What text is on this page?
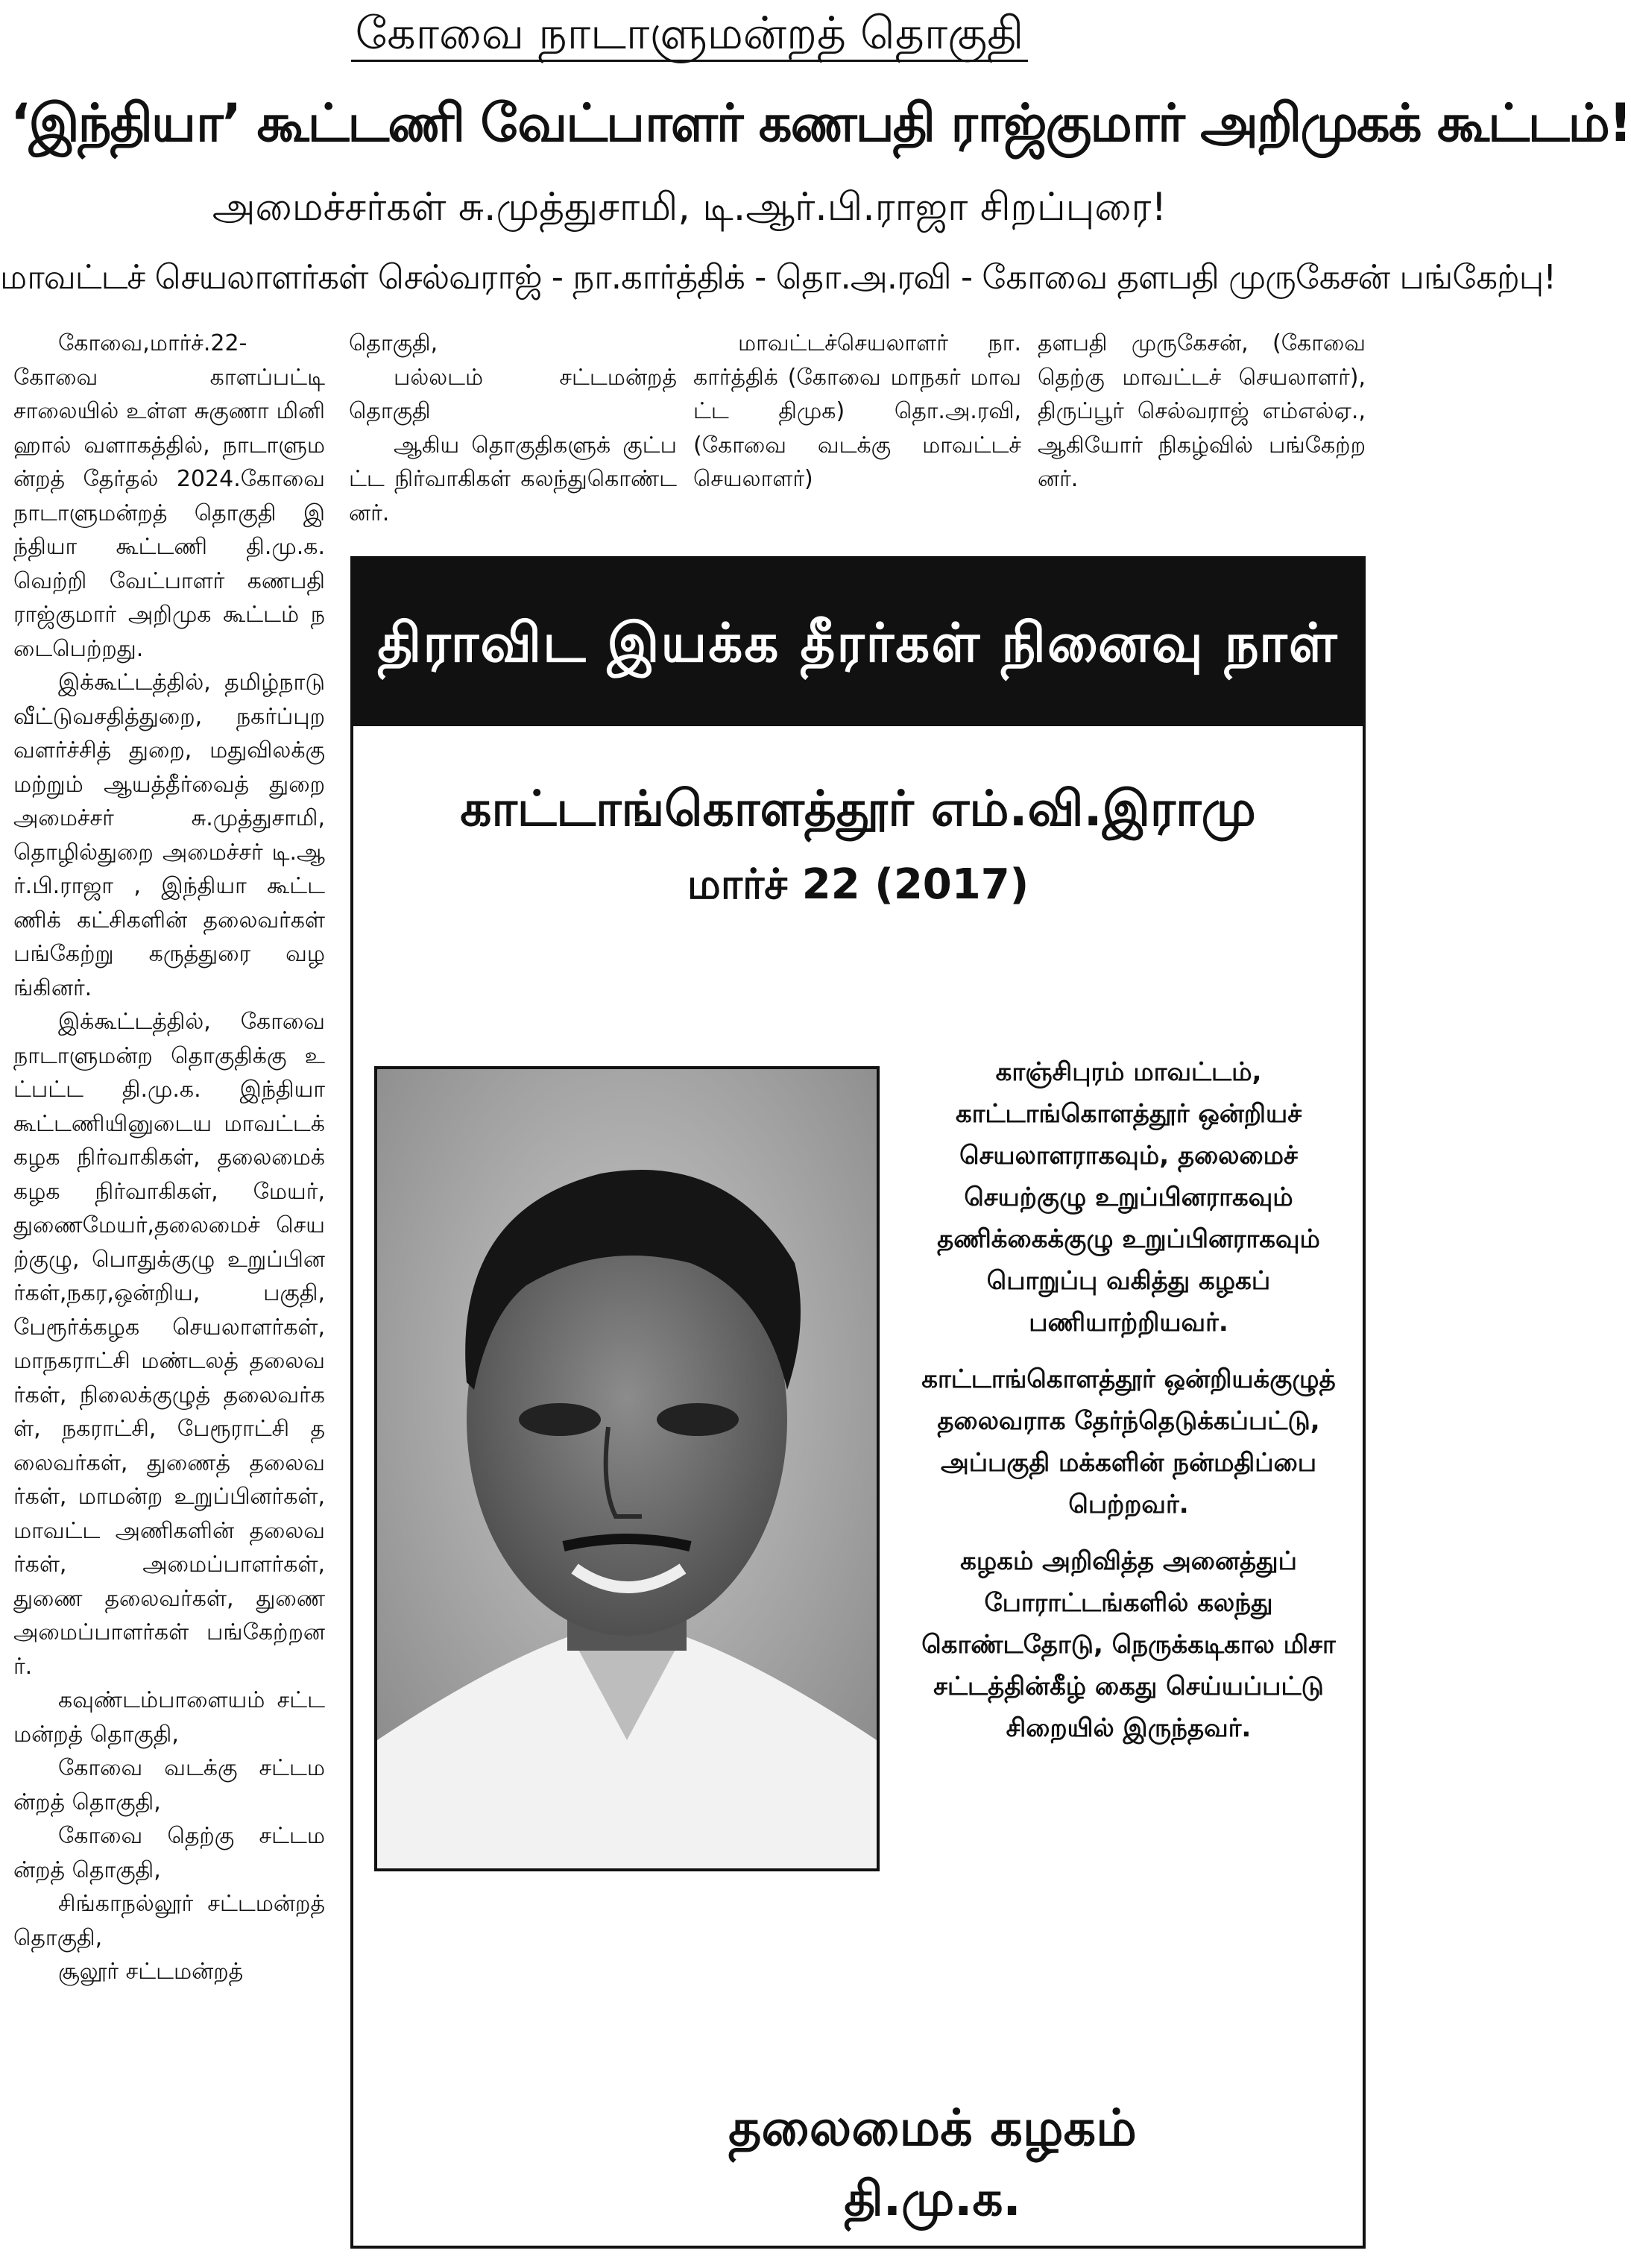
கோவை நாடாளுமன்றத் தொகுதி
‘இந்தியா’ கூட்டணி வேட்பாளர் கணபதி ராஜ்குமார் அறிமுகக் கூட்டம்!
அமைச்சர்கள் சு.முத்துசாமி, டி.ஆர்.பி.ராஜா சிறப்புரை!
மாவட்டச் செயலாளர்கள் செல்வராஜ் - நா.கார்த்திக் - தொ.அ.ரவி - கோவை தளபதி முருகேசன் பங்கேற்பு!

கோவை,மார்ச்.22- கோவை காளப்பட்டி சாலையில் உள்ள சுகுணா மினி ஹால் வளாகத்தில், நாடாளுமன்றத் தேர்தல் 2024.கோவை நாடாளுமன்றத் தொகுதி இந்தியா கூட்டணி தி.மு.க. வெற்றி வேட்பாளர் கணபதி ராஜ்குமார் அறிமுக கூட்டம் நடைபெற்றது.

இக்கூட்டத்தில், தமிழ்நாடு வீட்டுவசதித்துறை, நகர்ப்புற வளர்ச்சித் துறை, மதுவிலக்கு மற்றும் ஆயத்தீர்வைத் துறை அமைச்சர் சு.முத்துசாமி, தொழில்துறை அமைச்சர் டி.ஆர்.பி.ராஜா , இந்தியா கூட்டணிக் கட்சிகளின் தலைவர்கள் பங்கேற்று கருத்துரை வழங்கினர்.

இக்கூட்டத்தில், கோவை நாடாளுமன்ற தொகுதிக்கு உட்பட்ட தி.மு.க. இந்தியா கூட்டணியினுடைய மாவட்டக் கழக நிர்வாகிகள், தலைமைக் கழக நிர்வாகிகள், மேயர், துணைமேயர்,தலைமைச் செயற்குழு, பொதுக்குழு உறுப்பினர்கள்,நகர,ஒன்றிய, பகுதி,பேரூர்க்கழக செயலாளர்கள், மாநகராட்சி மண்டலத் தலைவர்கள், நிலைக்குழுத் தலைவர்கள், நகராட்சி, பேரூராட்சி தலைவர்கள், துணைத் தலைவர்கள், மாமன்ற உறுப்பினர்கள், மாவட்ட அணிகளின் தலைவர்கள், அமைப்பாளர்கள், துணை தலைவர்கள், துணை அமைப்பாளர்கள் பங்கேற்றனர்.

கவுண்டம்பாளையம் சட்டமன்றத் தொகுதி,

கோவை வடக்கு சட்டமன்றத் தொகுதி,

கோவை தெற்கு சட்டமன்றத் தொகுதி,

சிங்காநல்லூர் சட்டமன்றத் தொகுதி,

சூலூர் சட்டமன்றத்

தொகுதி,

பல்லடம் சட்டமன்றத் தொகுதி

ஆகிய தொகுதிகளுக் குட்பட்ட நிர்வாகிகள் கலந்துகொண்டனர்.

மாவட்டச்செயலாளர் நா.கார்த்திக் (கோவை மாநகர் மாவட்ட திமுக) தொ.அ.ரவி, (கோவை வடக்கு மாவட்டச் செயலாளர்)

தளபதி முருகேசன், (கோவை தெற்கு மாவட்டச் செயலாளர்), திருப்பூர் செல்வராஜ் எம்எல்ஏ., ஆகியோர் நிகழ்வில் பங்கேற்றனர்.

திராவிட இயக்க தீரர்கள் நினைவு நாள்
காட்டாங்கொளத்தூர் எம்.வி.இராமு
மார்ச் 22 (2017)

காஞ்சிபுரம் மாவட்டம், காட்டாங்கொளத்தூர் ஒன்றியச் செயலாளராகவும், தலைமைச் செயற்குழு உறுப்பினராகவும் தணிக்கைக்குழு உறுப்பினராகவும் பொறுப்பு வகித்து கழகப் பணியாற்றியவர்.

காட்டாங்கொளத்தூர் ஒன்றியக்குழுத் தலைவராக தேர்ந்தெடுக்கப்பட்டு, அப்பகுதி மக்களின் நன்மதிப்பை பெற்றவர்.

கழகம் அறிவித்த அனைத்துப் போராட்டங்களில் கலந்து கொண்டதோடு, நெருக்கடிகால மிசா சட்டத்தின்கீழ் கைது செய்யப்பட்டு சிறையில் இருந்தவர்.

தலைமைக் கழகம்
தி.மு.க.
